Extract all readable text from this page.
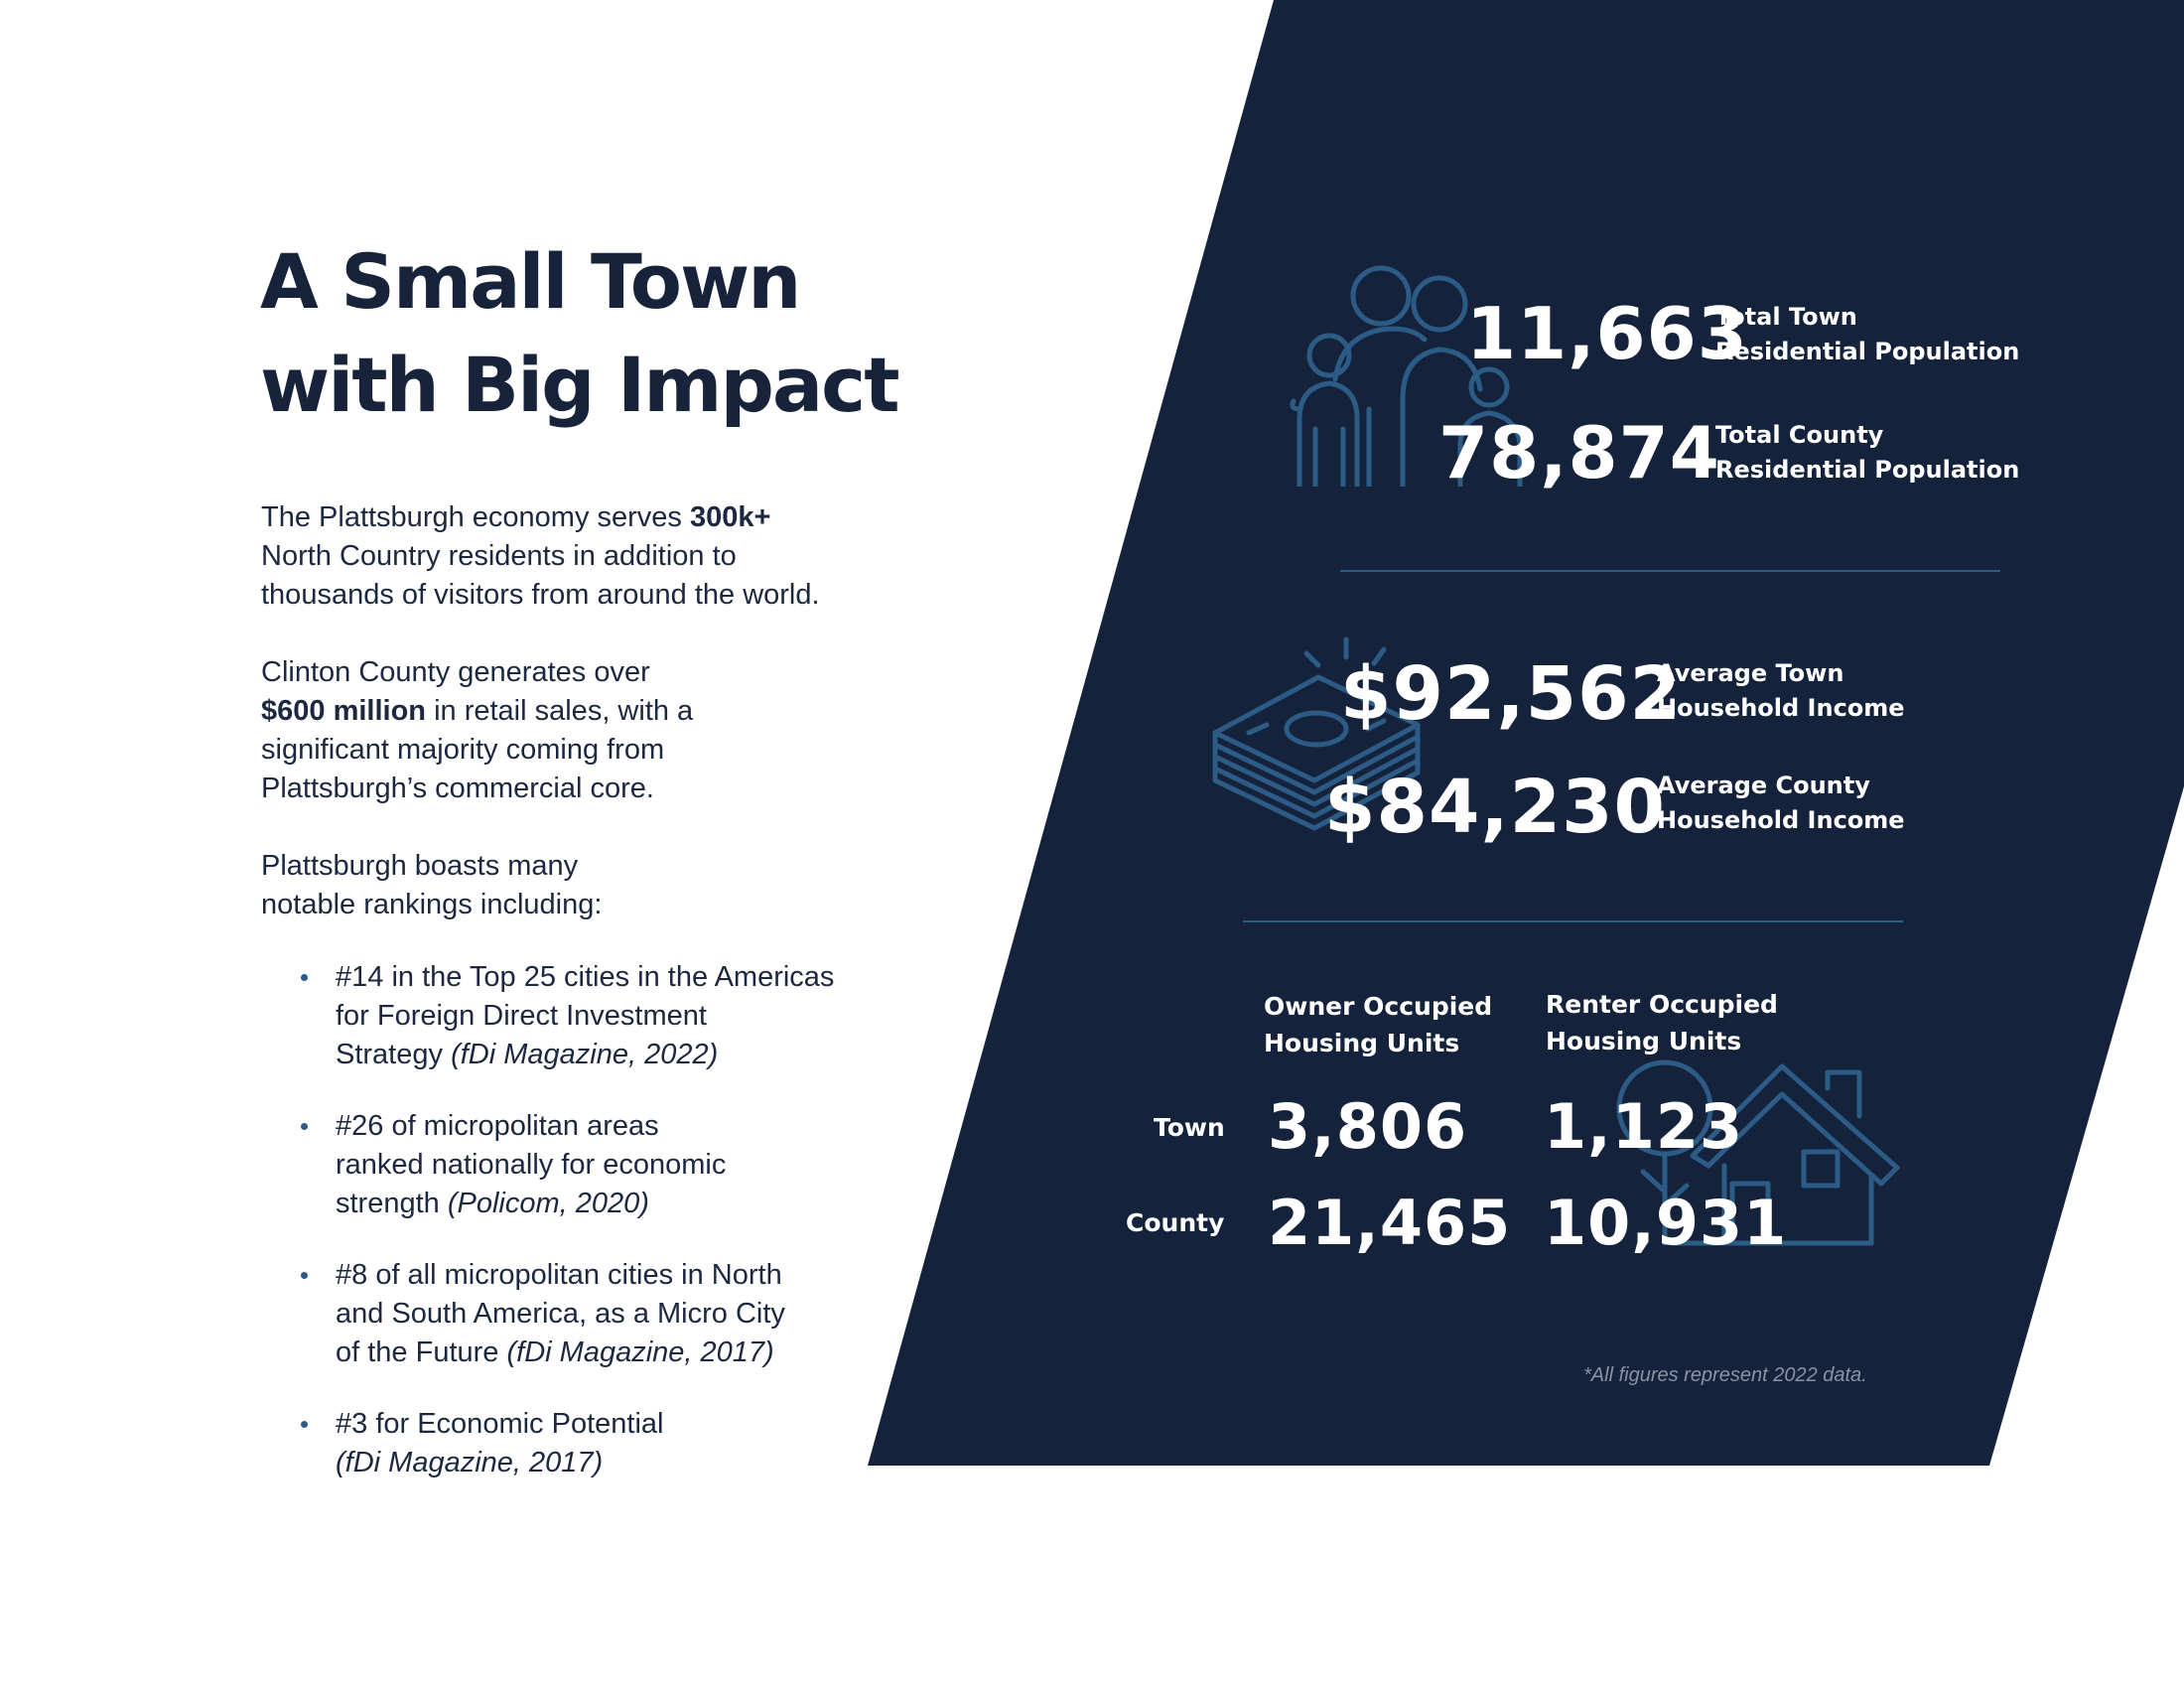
A Small Town
with Big Impact

The Plattsburgh economy serves 300k+
North Country residents in addition to
thousands of visitors from around the world.

Clinton County generates over
$600 million in retail sales, with a
significant majority coming from
Plattsburgh’s commercial core.

Plattsburgh boasts many
notable rankings including:

#14 in the Top 25 cities in the Americas
for Foreign Direct Investment
Strategy (fDi Magazine, 2022)
#26 of micropolitan areas
ranked nationally for economic
strength (Policom, 2020)
#8 of all micropolitan cities in North
and South America, as a Micro City
of the Future (fDi Magazine, 2017)
#3 for Economic Potential
(fDi Magazine, 2017)
11,663
Total Town
Residential Population
78,874
Total County
Residential Population
$92,562
Average Town
Household Income
$84,230
Average County
Household Income
Owner Occupied
Housing Units
Renter Occupied
Housing Units
Town 3,806 1,123
County 21,465 10,931
*All figures represent 2022 data.
